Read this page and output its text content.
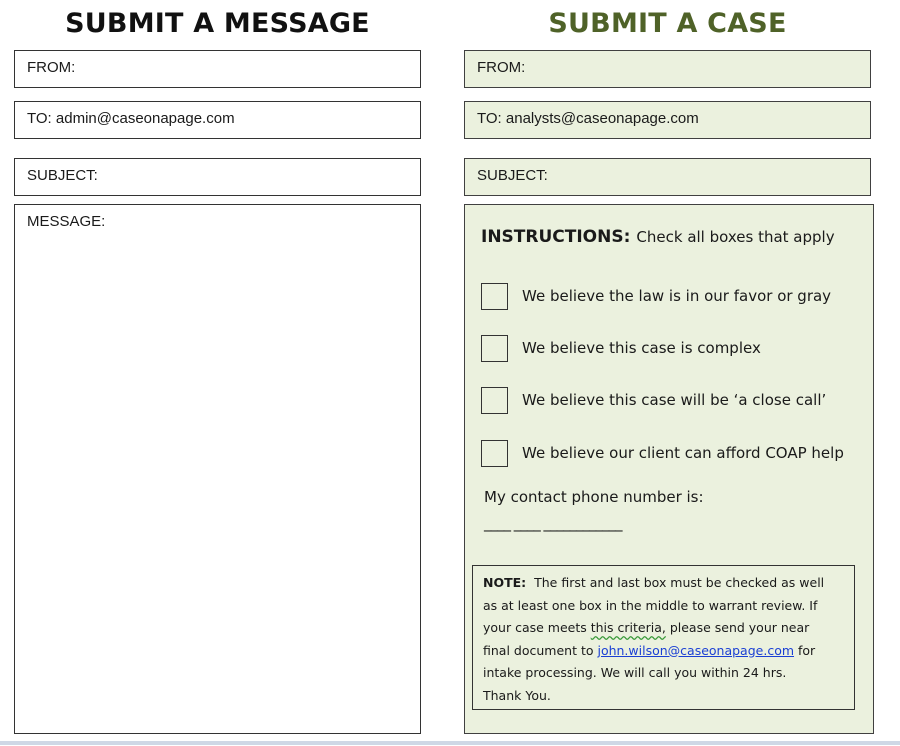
SUBMIT A MESSAGE	SUBMIT A CASE
FROM:
TO: admin@caseonapage.com
SUBJECT:
MESSAGE:
FROM:
TO: analysts@caseonapage.com
SUBJECT:
INSTRUCTIONS: Check all boxes that apply
We believe the law is in our favor or gray
We believe this case is complex
We believe this case will be ‘a close call’
We believe our client can afford COAP help
My contact phone number is:
____ ____ ____________
NOTE: The first and last box must be checked as well
as at least one box in the middle to warrant review. If
your case meets this criteria, please send your near
final document to john.wilson@caseonapage.com for
intake processing. We will call you within 24 hrs.
Thank You.
